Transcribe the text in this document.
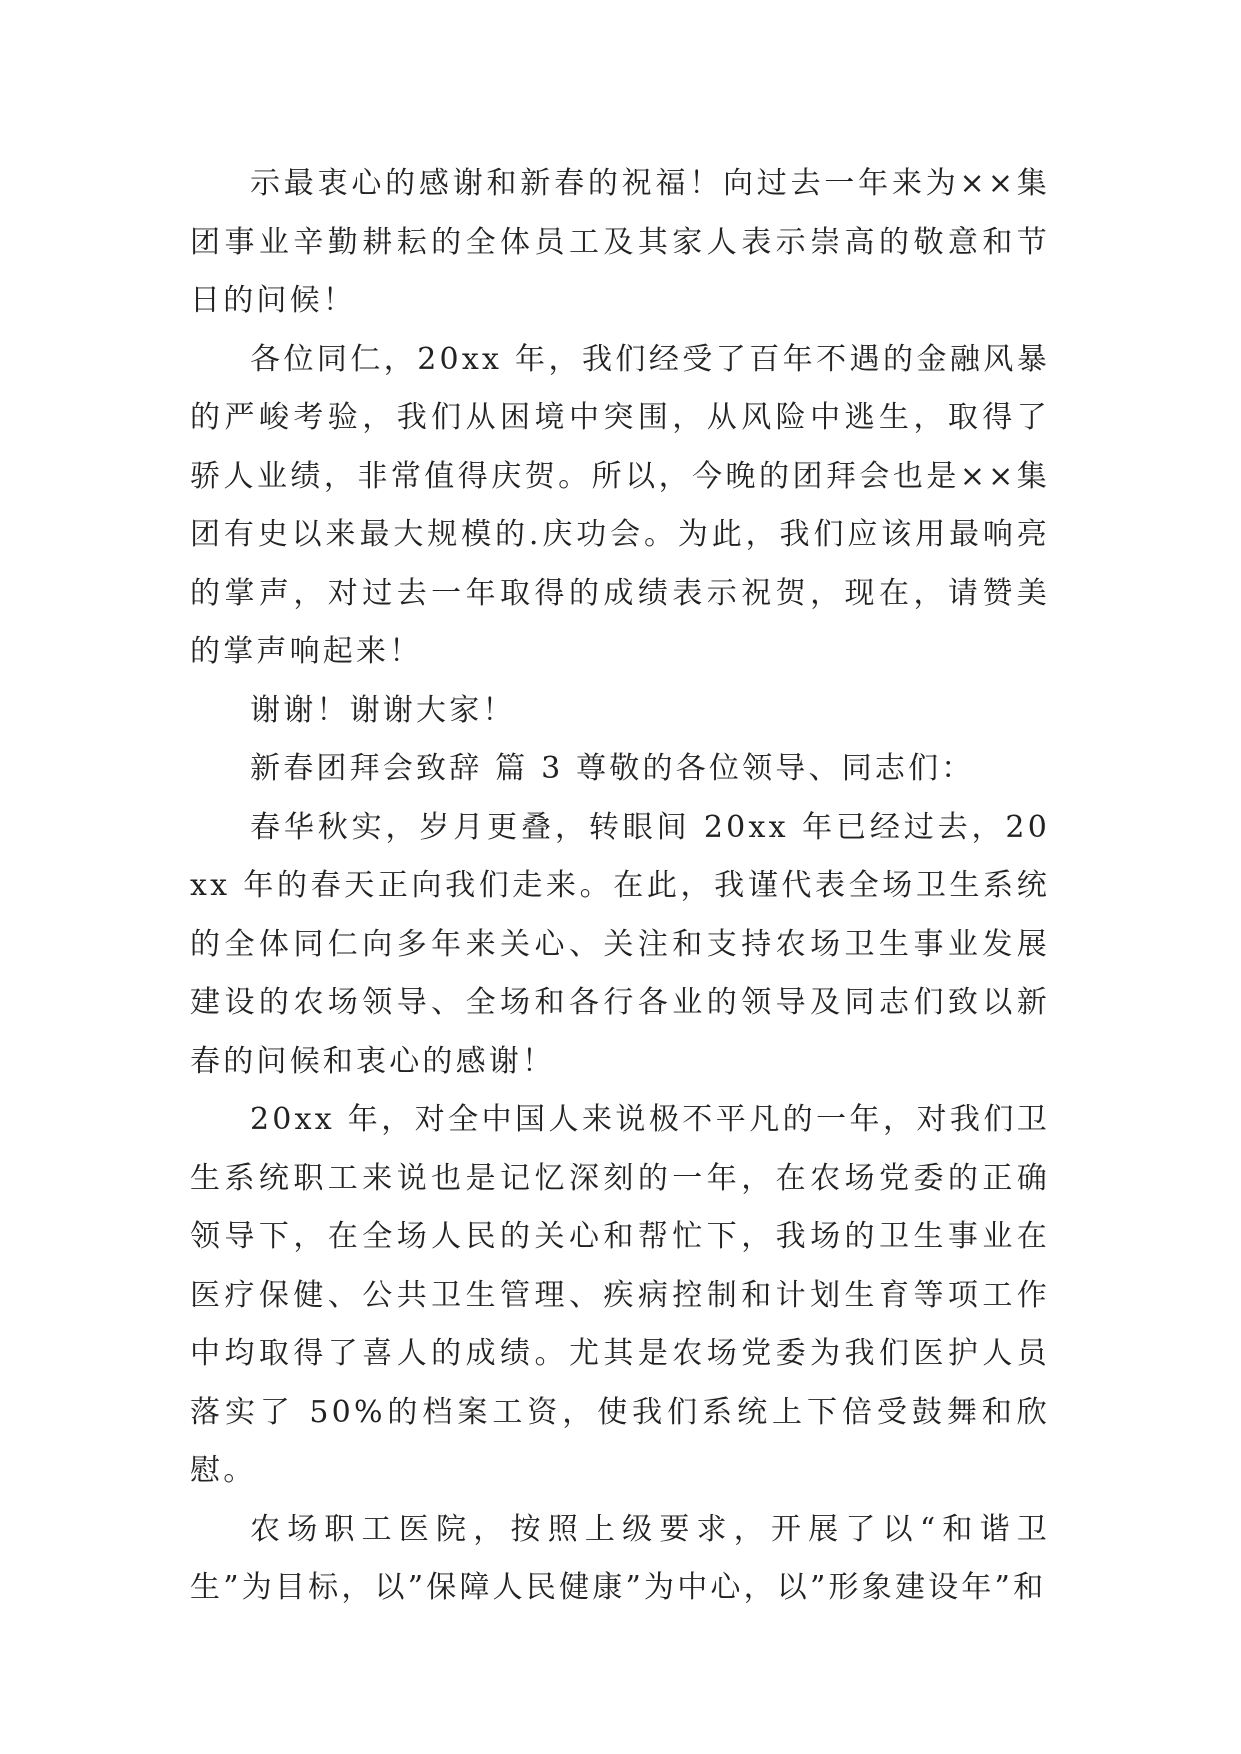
示最衷心的感谢和新春的祝福！向过去一年来为××集团事业辛勤耕耘的全体员工及其家人表示崇高的敬意和节日的问候！

各位同仁，20xx 年，我们经受了百年不遇的金融风暴的严峻考验，我们从困境中突围，从风险中逃生，取得了骄人业绩，非常值得庆贺。所以，今晚的团拜会也是××集团有史以来最大规模的.庆功会。为此，我们应该用最响亮的掌声，对过去一年取得的成绩表示祝贺，现在，请赞美的掌声响起来！

谢谢！谢谢大家！

新春团拜会致辞 篇 3 尊敬的各位领导、同志们：

春华秋实，岁月更叠，转眼间 20xx 年已经过去，20xx 年的春天正向我们走来。在此，我谨代表全场卫生系统的全体同仁向多年来关心、关注和支持农场卫生事业发展建设的农场领导、全场和各行各业的领导及同志们致以新春的问候和衷心的感谢！

20xx 年，对全中国人来说极不平凡的一年，对我们卫生系统职工来说也是记忆深刻的一年，在农场党委的正确领导下，在全场人民的关心和帮忙下，我场的卫生事业在医疗保健、公共卫生管理、疾病控制和计划生育等项工作中均取得了喜人的成绩。尤其是农场党委为我们医护人员落实了 50%的档案工资，使我们系统上下倍受鼓舞和欣慰。

农场职工医院，按照上级要求，开展了以“和谐卫生”为目标，以”保障人民健康”为中心，以”形象建设年”和
